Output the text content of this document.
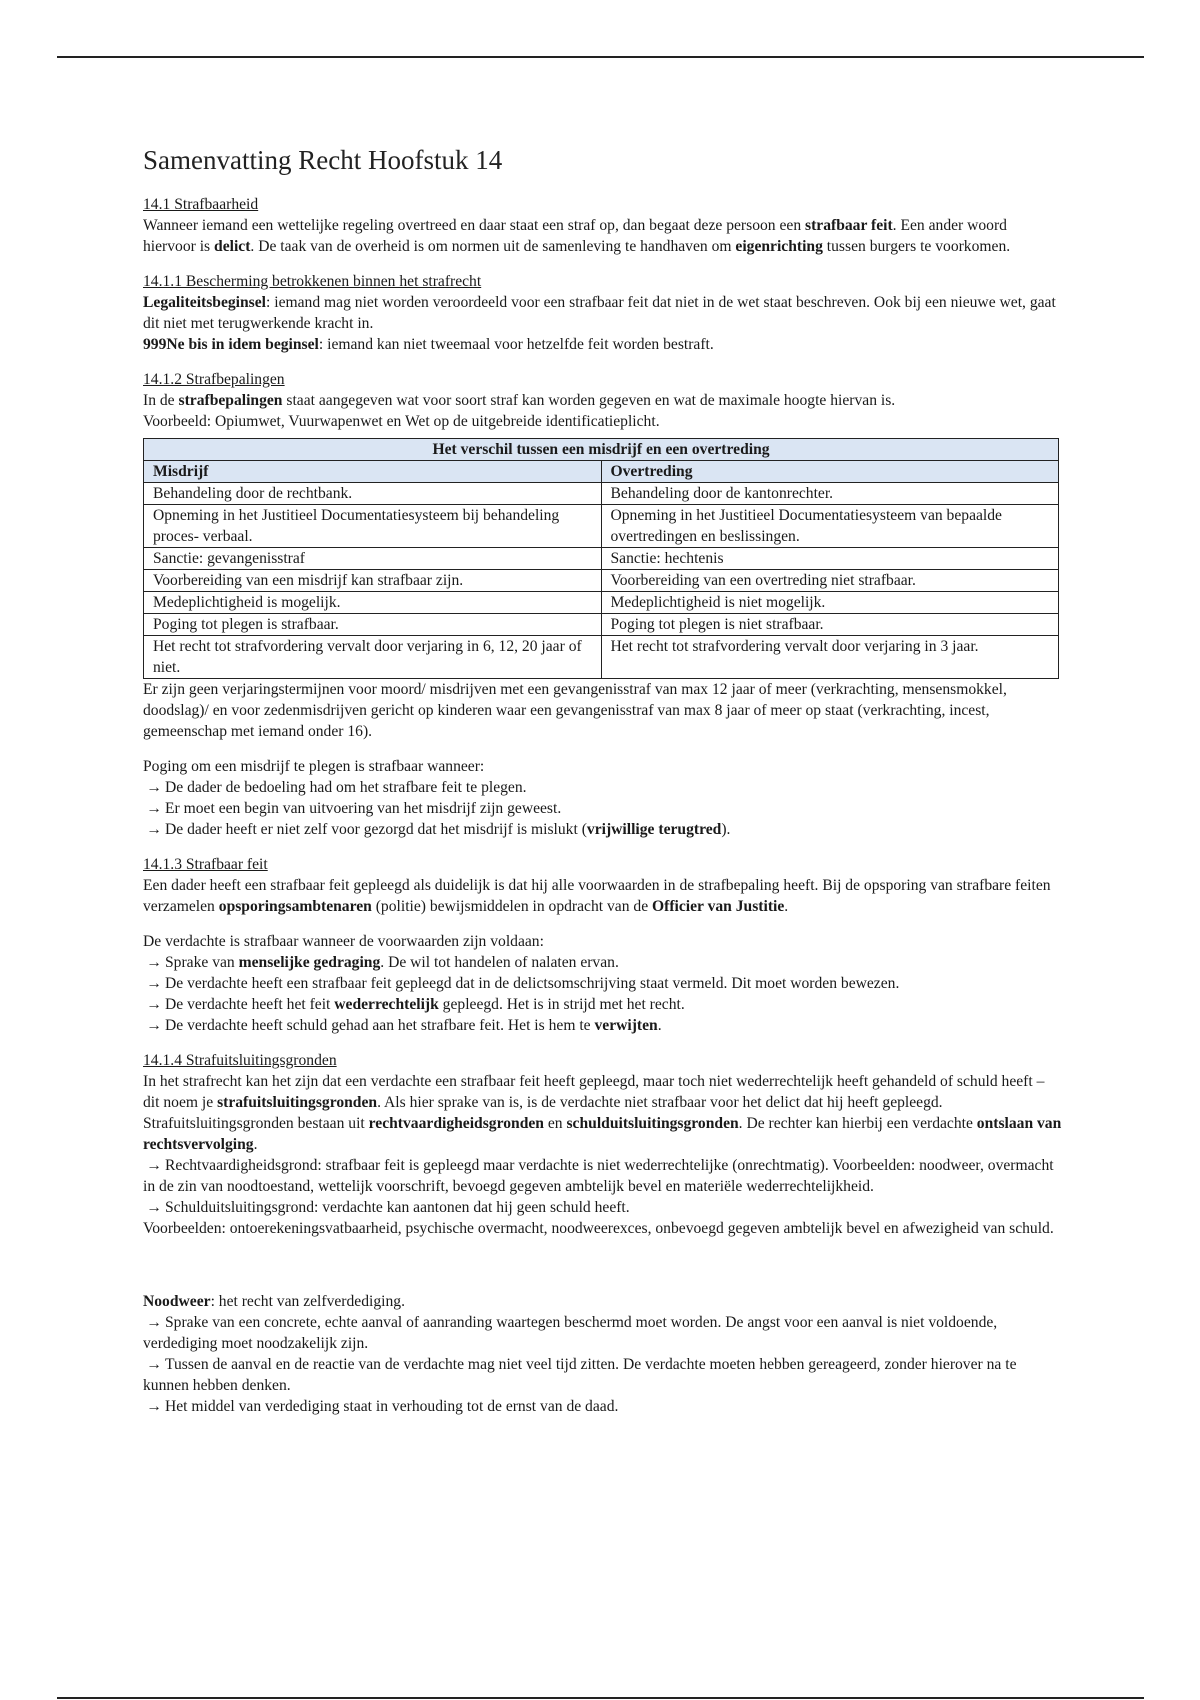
Samenvatting Recht Hoofstuk 14

14.1 Strafbaarheid

Wanneer iemand een wettelijke regeling overtreed en daar staat een straf op, dan begaat deze persoon een strafbaar feit. Een ander woord hiervoor is delict. De taak van de overheid is om normen uit de samenleving te handhaven om eigenrichting tussen burgers te voorkomen.

14.1.1 Bescherming betrokkenen binnen het strafrecht

Legaliteitsbeginsel: iemand mag niet worden veroordeeld voor een strafbaar feit dat niet in de wet staat beschreven. Ook bij een nieuwe wet, gaat dit niet met terugwerkende kracht in.

999Ne bis in idem beginsel: iemand kan niet tweemaal voor hetzelfde feit worden bestraft.

14.1.2 Strafbepalingen

In de strafbepalingen staat aangegeven wat voor soort straf kan worden gegeven en wat de maximale hoogte hiervan is.

Voorbeeld: Opiumwet, Vuurwapenwet en Wet op de uitgebreide identificatieplicht.

Het verschil tussen een misdrijf en een overtreding	
Misdrijf	Overtreding
Behandeling door de rechtbank.	Behandeling door de kantonrechter.
Opneming in het Justitieel Documentatiesysteem bij behandeling proces- verbaal.	Opneming in het Justitieel Documentatiesysteem van bepaalde overtredingen en beslissingen.
Sanctie: gevangenisstraf	Sanctie: hechtenis
Voorbereiding van een misdrijf kan strafbaar zijn.	Voorbereiding van een overtreding niet strafbaar.
Medeplichtigheid is mogelijk.	Medeplichtigheid is niet mogelijk.
Poging tot plegen is strafbaar.	Poging tot plegen is niet strafbaar.
Het recht tot strafvordering vervalt door verjaring in 6, 12, 20 jaar of niet.	Het recht tot strafvordering vervalt door verjaring in 3 jaar.

Er zijn geen verjaringstermijnen voor moord/ misdrijven met een gevangenisstraf van max 12 jaar of meer (verkrachting, mensensmokkel, doodslag)/ en voor zedenmisdrijven gericht op kinderen waar een gevangenisstraf van max 8 jaar of meer op staat (verkrachting, incest, gemeenschap met iemand onder 16).

Poging om een misdrijf te plegen is strafbaar wanneer:

→De dader de bedoeling had om het strafbare feit te plegen.

→Er moet een begin van uitvoering van het misdrijf zijn geweest.

→De dader heeft er niet zelf voor gezorgd dat het misdrijf is mislukt (vrijwillige terugtred).

14.1.3 Strafbaar feit

Een dader heeft een strafbaar feit gepleegd als duidelijk is dat hij alle voorwaarden in de strafbepaling heeft. Bij de opsporing van strafbare feiten verzamelen opsporingsambtenaren (politie) bewijsmiddelen in opdracht van de Officier van Justitie.

De verdachte is strafbaar wanneer de voorwaarden zijn voldaan:

→Sprake van menselijke gedraging. De wil tot handelen of nalaten ervan.

→De verdachte heeft een strafbaar feit gepleegd dat in de delictsomschrijving staat vermeld. Dit moet worden bewezen.

→De verdachte heeft het feit wederrechtelijk gepleegd. Het is in strijd met het recht.

→De verdachte heeft schuld gehad aan het strafbare feit. Het is hem te verwijten.

14.1.4 Strafuitsluitingsgronden

In het strafrecht kan het zijn dat een verdachte een strafbaar feit heeft gepleegd, maar toch niet wederrechtelijk heeft gehandeld of schuld heeft – dit noem je strafuitsluitingsgronden. Als hier sprake van is, is de verdachte niet strafbaar voor het delict dat hij heeft gepleegd. Strafuitsluitingsgronden bestaan uit rechtvaardigheidsgronden en schulduitsluitingsgronden. De rechter kan hierbij een verdachte ontslaan van rechtsvervolging.

→Rechtvaardigheidsgrond: strafbaar feit is gepleegd maar verdachte is niet wederrechtelijke (onrechtmatig). Voorbeelden: noodweer, overmacht in de zin van noodtoestand, wettelijk voorschrift, bevoegd gegeven ambtelijk bevel en materiële wederrechtelijkheid.

→Schulduitsluitingsgrond: verdachte kan aantonen dat hij geen schuld heeft.

Voorbeelden: ontoerekeningsvatbaarheid, psychische overmacht, noodweerexces, onbevoegd gegeven ambtelijk bevel en afwezigheid van schuld.

Noodweer: het recht van zelfverdediging.

→Sprake van een concrete, echte aanval of aanranding waartegen beschermd moet worden. De angst voor een aanval is niet voldoende, verdediging moet noodzakelijk zijn.

→Tussen de aanval en de reactie van de verdachte mag niet veel tijd zitten. De verdachte moeten hebben gereageerd, zonder hierover na te kunnen hebben denken.

→Het middel van verdediging staat in verhouding tot de ernst van de daad.
